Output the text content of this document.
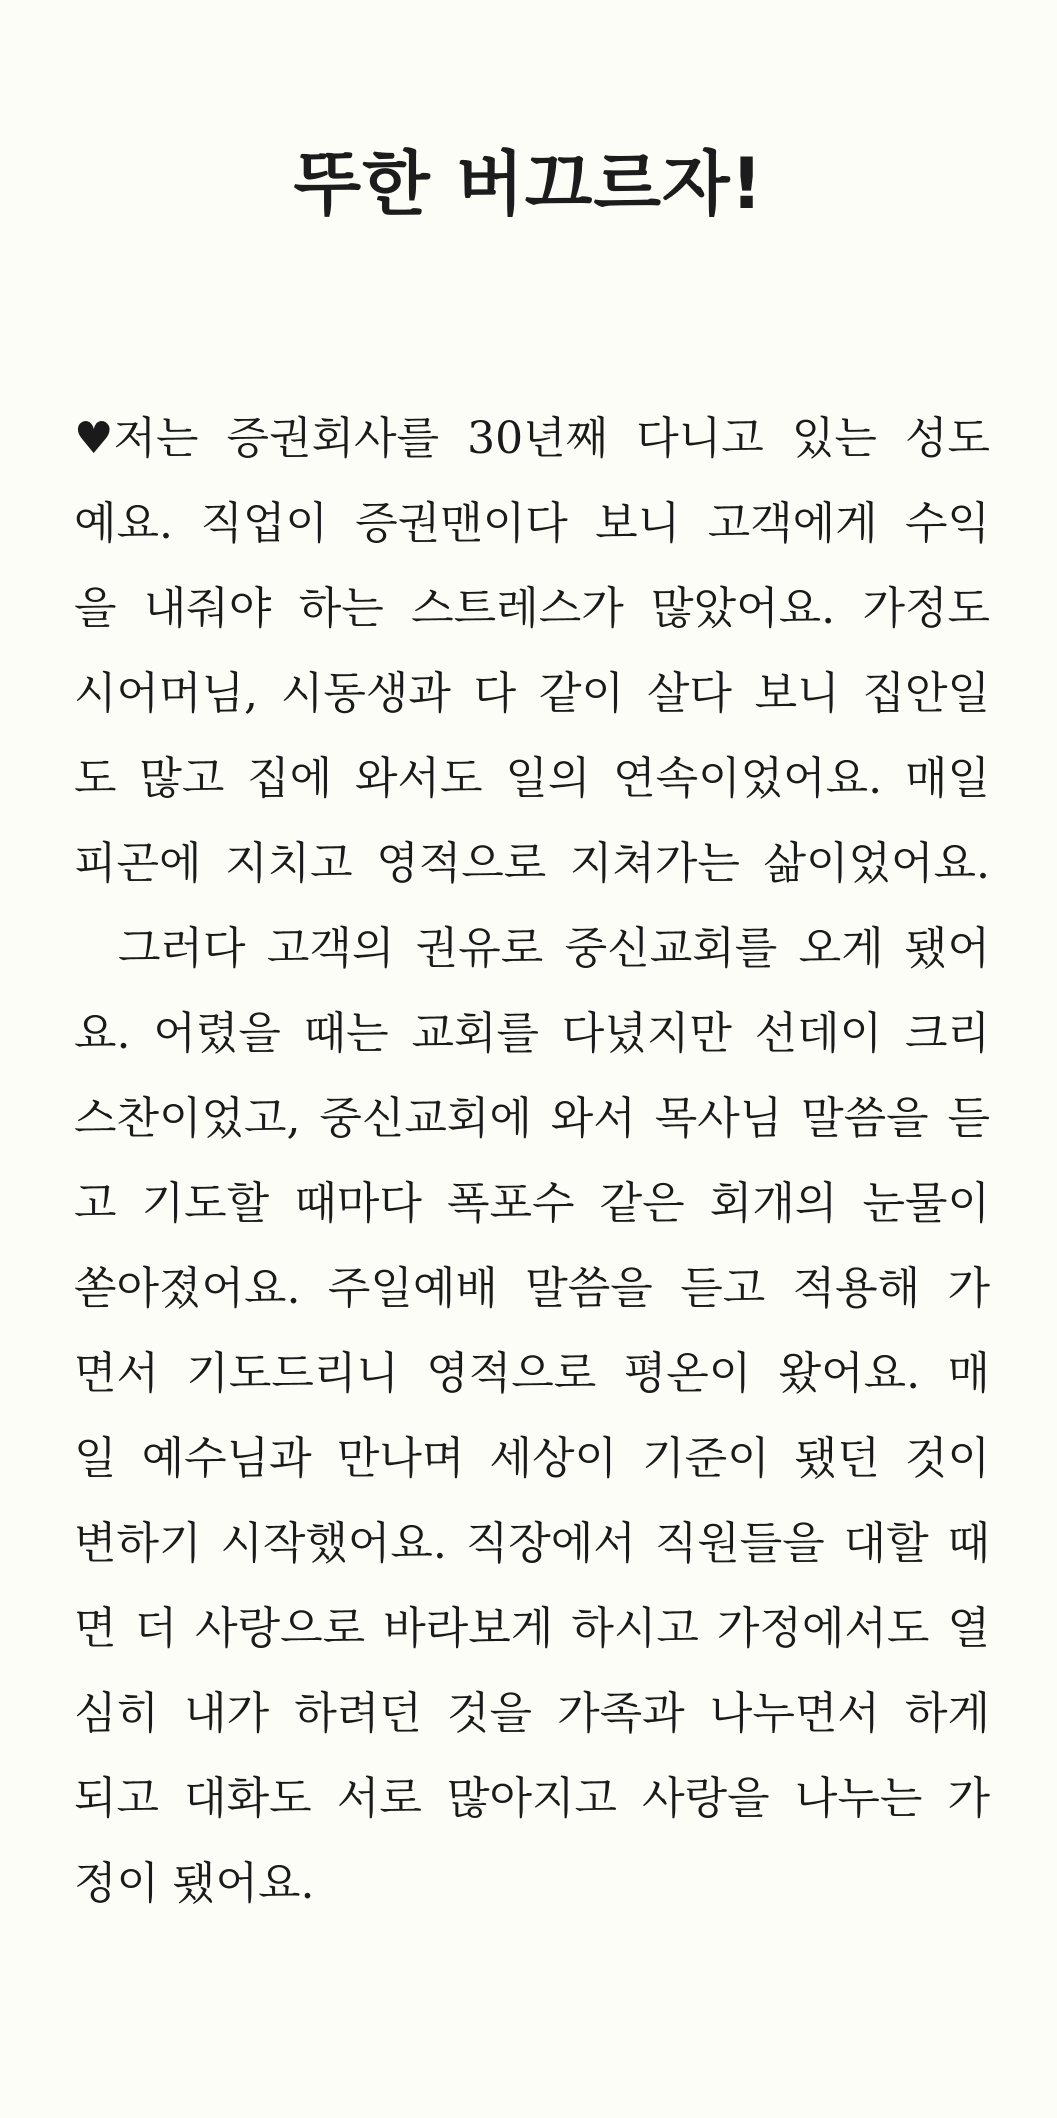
뚜한 버끄르자!
♥저는 증권회사를 30년째 다니고 있는 성도
예요. 직업이 증권맨이다 보니 고객에게 수익
을 내줘야 하는 스트레스가 많았어요. 가정도
시어머님, 시동생과 다 같이 살다 보니 집안일
도 많고 집에 와서도 일의 연속이었어요. 매일
피곤에 지치고 영적으로 지쳐가는 삶이었어요.
그러다 고객의 권유로 중신교회를 오게 됐어
요. 어렸을 때는 교회를 다녔지만 선데이 크리
스찬이었고, 중신교회에 와서 목사님 말씀을 듣
고 기도할 때마다 폭포수 같은 회개의 눈물이
쏟아졌어요. 주일예배 말씀을 듣고 적용해 가
면서 기도드리니 영적으로 평온이 왔어요. 매
일 예수님과 만나며 세상이 기준이 됐던 것이
변하기 시작했어요. 직장에서 직원들을 대할 때
면 더 사랑으로 바라보게 하시고 가정에서도 열
심히 내가 하려던 것을 가족과 나누면서 하게
되고 대화도 서로 많아지고 사랑을 나누는 가
정이 됐어요.
